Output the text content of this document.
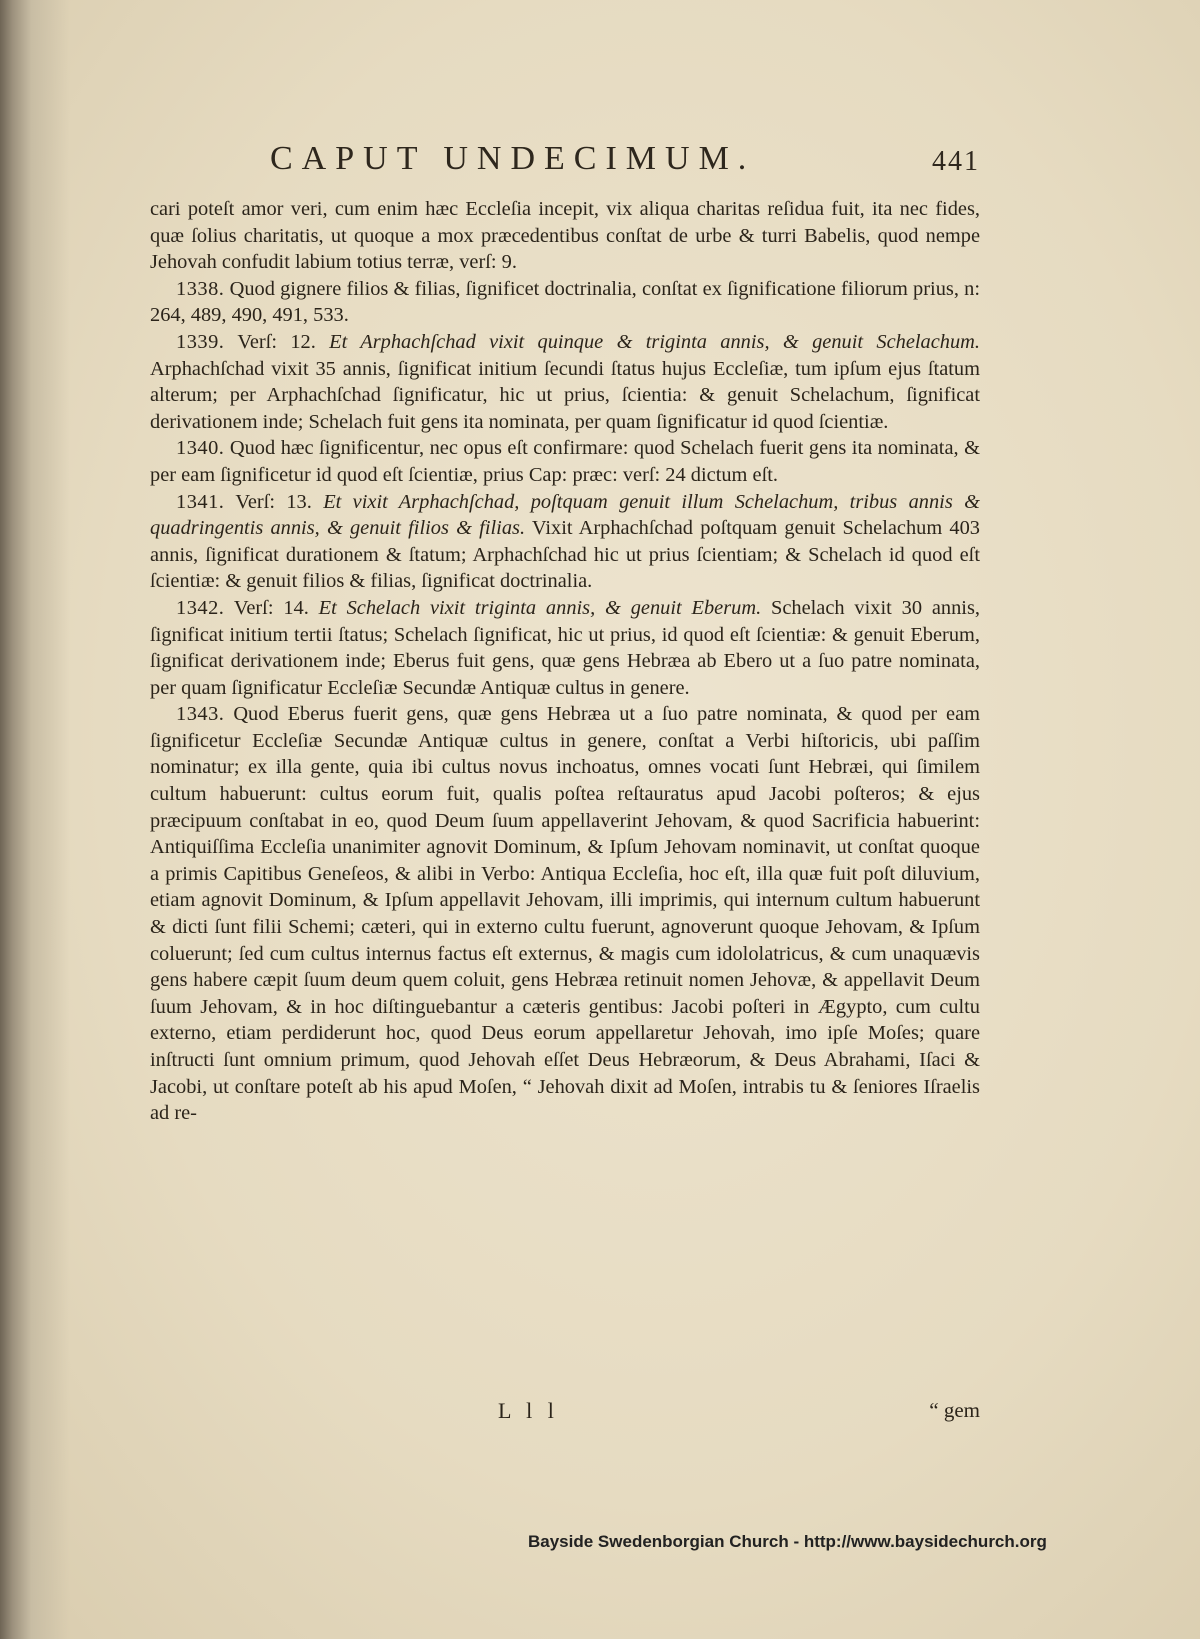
CAPUT UNDECIMUM.	441

cari poteſt amor veri, cum enim hæc Eccleſia incepit, vix aliqua charitas reſidua fuit, ita nec fides, quæ ſolius charitatis, ut quoque a mox præcedentibus conſtat de urbe & turri Babelis, quod nempe Jehovah confudit labium totius terræ, verſ: 9.

1338. Quod gignere filios & filias, ſignificet doctrinalia, conſtat ex ſignificatione filiorum prius, n: 264, 489, 490, 491, 533.

1339. Verſ: 12. Et Arphachſchad vixit quinque & triginta annis, & genuit Schelachum. Arphachſchad vixit 35 annis, ſignificat initium ſecundi ſtatus hujus Eccleſiæ, tum ipſum ejus ſtatum alterum; per Arphachſchad ſignificatur, hic ut prius, ſcientia: & genuit Schelachum, ſignificat derivationem inde; Schelach fuit gens ita nominata, per quam ſignificatur id quod ſcientiæ.

1340. Quod hæc ſignificentur, nec opus eſt confirmare: quod Schelach fuerit gens ita nominata, & per eam ſignificetur id quod eſt ſcientiæ, prius Cap: præc: verſ: 24 dictum eſt.

1341. Verſ: 13. Et vixit Arphachſchad, poſtquam genuit illum Schelachum, tribus annis & quadringentis annis, & genuit filios & filias. Vixit Arphachſchad poſtquam genuit Schelachum 403 annis, ſignificat durationem & ſtatum; Arphachſchad hic ut prius ſcientiam; & Schelach id quod eſt ſcientiæ: & genuit filios & filias, ſignificat doctrinalia.

1342. Verſ: 14. Et Schelach vixit triginta annis, & genuit Eberum. Schelach vixit 30 annis, ſignificat initium tertii ſtatus; Schelach ſignificat, hic ut prius, id quod eſt ſcientiæ: & genuit Eberum, ſignificat derivationem inde; Eberus fuit gens, quæ gens Hebræa ab Ebero ut a ſuo patre nominata, per quam ſignificatur Eccleſiæ Secundæ Antiquæ cultus in genere.

1343. Quod Eberus fuerit gens, quæ gens Hebræa ut a ſuo patre nominata, & quod per eam ſignificetur Eccleſiæ Secundæ Antiquæ cultus in genere, conſtat a Verbi hiſtoricis, ubi paſſim nominatur; ex illa gente, quia ibi cultus novus inchoatus, omnes vocati ſunt Hebræi, qui ſimilem cultum habuerunt: cultus eorum fuit, qualis poſtea reſtauratus apud Jacobi poſteros; & ejus præcipuum conſtabat in eo, quod Deum ſuum appellaverint Jehovam, & quod Sacrificia habuerint: Antiquiſſima Eccleſia unanimiter agnovit Dominum, & Ipſum Jehovam nominavit, ut conſtat quoque a primis Capitibus Geneſeos, & alibi in Verbo: Antiqua Eccleſia, hoc eſt, illa quæ fuit poſt diluvium, etiam agnovit Dominum, & Ipſum appellavit Jehovam, illi imprimis, qui internum cultum habuerunt & dicti ſunt filii Schemi; cæteri, qui in externo cultu fuerunt, agnoverunt quoque Jehovam, & Ipſum coluerunt; ſed cum cultus internus factus eſt externus, & magis cum idololatricus, & cum unaquævis gens habere cæpit ſuum deum quem coluit, gens Hebræa retinuit nomen Jehovæ, & appellavit Deum ſuum Jehovam, & in hoc diſtinguebantur a cæteris gentibus: Jacobi poſteri in Ægypto, cum cultu externo, etiam perdiderunt hoc, quod Deus eorum appellaretur Jehovah, imo ipſe Moſes; quare inſtructi ſunt omnium primum, quod Jehovah eſſet Deus Hebræorum, & Deus Abrahami, Iſaci & Jacobi, ut conſtare poteſt ab his apud Moſen, “ Jehovah dixit ad Moſen, intrabis tu & ſeniores Iſraelis ad re-

L l l	“ gem
Bayside Swedenborgian Church - http://www.baysidechurch.org
